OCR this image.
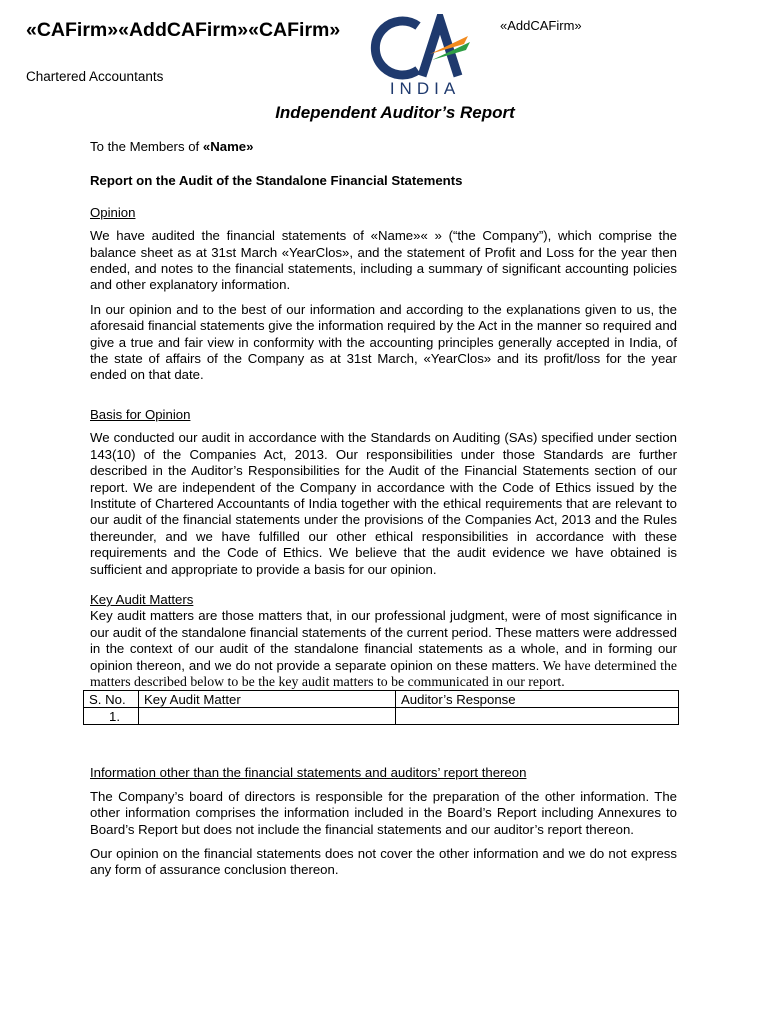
«CAFirm»«AddCAFirm»«CAFirm»
Chartered Accountants
INDIA
«AddCAFirm»
Independent Auditor’s Report

To the Members of «Name»

Report on the Audit of the Standalone Financial Statements

Opinion

We have audited the financial statements of «Name»« » (“the Company”), which comprise the balance sheet as at 31st March «YearClos», and the statement of Profit and Loss for the year then ended, and notes to the financial statements, including a summary of significant accounting policies and other explanatory information.

In our opinion and to the best of our information and according to the explanations given to us, the aforesaid financial statements give the information required by the Act in the manner so required and give a true and fair view in conformity with the accounting principles generally accepted in India, of the state of affairs of the Company as at 31st March, «YearClos» and its profit/loss for the year ended on that date.

Basis for Opinion

We conducted our audit in accordance with the Standards on Auditing (SAs) specified under section 143(10) of the Companies Act, 2013. Our responsibilities under those Standards are further described in the Auditor’s Responsibilities for the Audit of the Financial Statements section of our report. We are independent of the Company in accordance with the Code of Ethics issued by the Institute of Chartered Accountants of India together with the ethical requirements that are relevant to our audit of the financial statements under the provisions of the Companies Act, 2013 and the Rules thereunder, and we have fulfilled our other ethical responsibilities in accordance with these requirements and the Code of Ethics. We believe that the audit evidence we have obtained is sufficient and appropriate to provide a basis for our opinion.

Key Audit Matters

Key audit matters are those matters that, in our professional judgment, were of most significance in our audit of the standalone financial statements of the current period. These matters were addressed in the context of our audit of the standalone financial statements as a whole, and in forming our opinion thereon, and we do not provide a separate opinion on these matters. We have determined the matters described below to be the key audit matters to be communicated in our report.

S. No.	Key Audit Matter	Auditor’s Response
1.		

Information other than the financial statements and auditors’ report thereon

The Company’s board of directors is responsible for the preparation of the other information. The other information comprises the information included in the Board’s Report including Annexures to Board’s Report but does not include the financial statements and our auditor’s report thereon.

Our opinion on the financial statements does not cover the other information and we do not express any form of assurance conclusion thereon.
